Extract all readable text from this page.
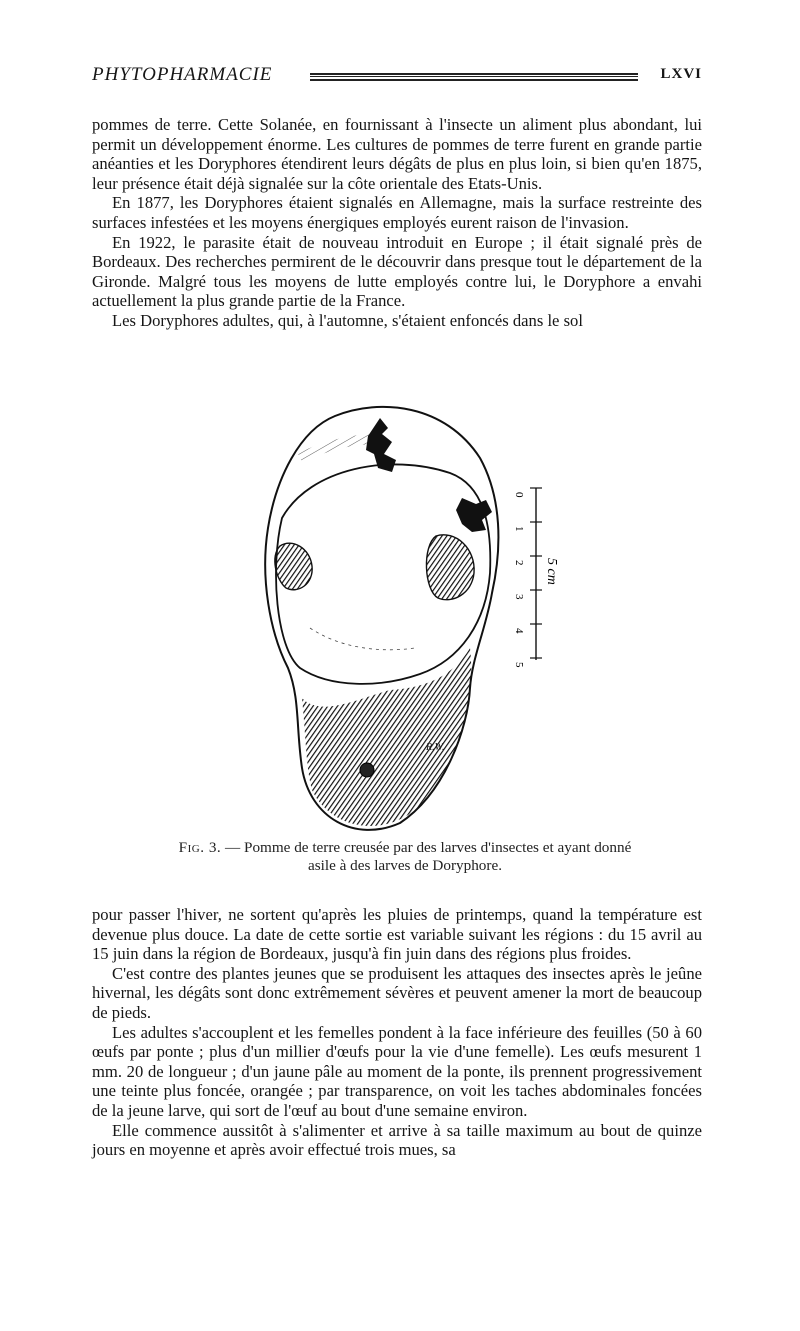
PHYTOPHARMACIE	LXVI

pommes de terre. Cette Solanée, en fournissant à l'insecte un aliment plus abondant, lui permit un développement énorme. Les cultures de pommes de terre furent en grande partie anéanties et les Doryphores étendirent leurs dégâts de plus en plus loin, si bien qu'en 1875, leur présence était déjà signalée sur la côte orientale des Etats-Unis.

En 1877, les Doryphores étaient signalés en Allemagne, mais la surface restreinte des surfaces infestées et les moyens énergiques employés eurent raison de l'invasion.

En 1922, le parasite était de nouveau introduit en Europe ; il était signalé près de Bordeaux. Des recherches permirent de le découvrir dans presque tout le département de la Gironde. Malgré tous les moyens de lutte employés contre lui, le Doryphore a envahi actuellement la plus grande partie de la France.

Les Doryphores adultes, qui, à l'automne, s'étaient enfoncés dans le sol

R.W.
0
1
2
3
4
5
5 cm
Fig. 3. — Pomme de terre creusée par des larves d'insectes et ayant donné asile à des larves de Doryphore.

pour passer l'hiver, ne sortent qu'après les pluies de printemps, quand la température est devenue plus douce. La date de cette sortie est variable suivant les régions : du 15 avril au 15 juin dans la région de Bordeaux, jusqu'à fin juin dans des régions plus froides.

C'est contre des plantes jeunes que se produisent les attaques des insectes après le jeûne hivernal, les dégâts sont donc extrêmement sévères et peuvent amener la mort de beaucoup de pieds.

Les adultes s'accouplent et les femelles pondent à la face inférieure des feuilles (50 à 60 œufs par ponte ; plus d'un millier d'œufs pour la vie d'une femelle). Les œufs mesurent 1 mm. 20 de longueur ; d'un jaune pâle au moment de la ponte, ils prennent progressivement une teinte plus foncée, orangée ; par transparence, on voit les taches abdominales foncées de la jeune larve, qui sort de l'œuf au bout d'une semaine environ.

Elle commence aussitôt à s'alimenter et arrive à sa taille maximum au bout de quinze jours en moyenne et après avoir effectué trois mues, sa
